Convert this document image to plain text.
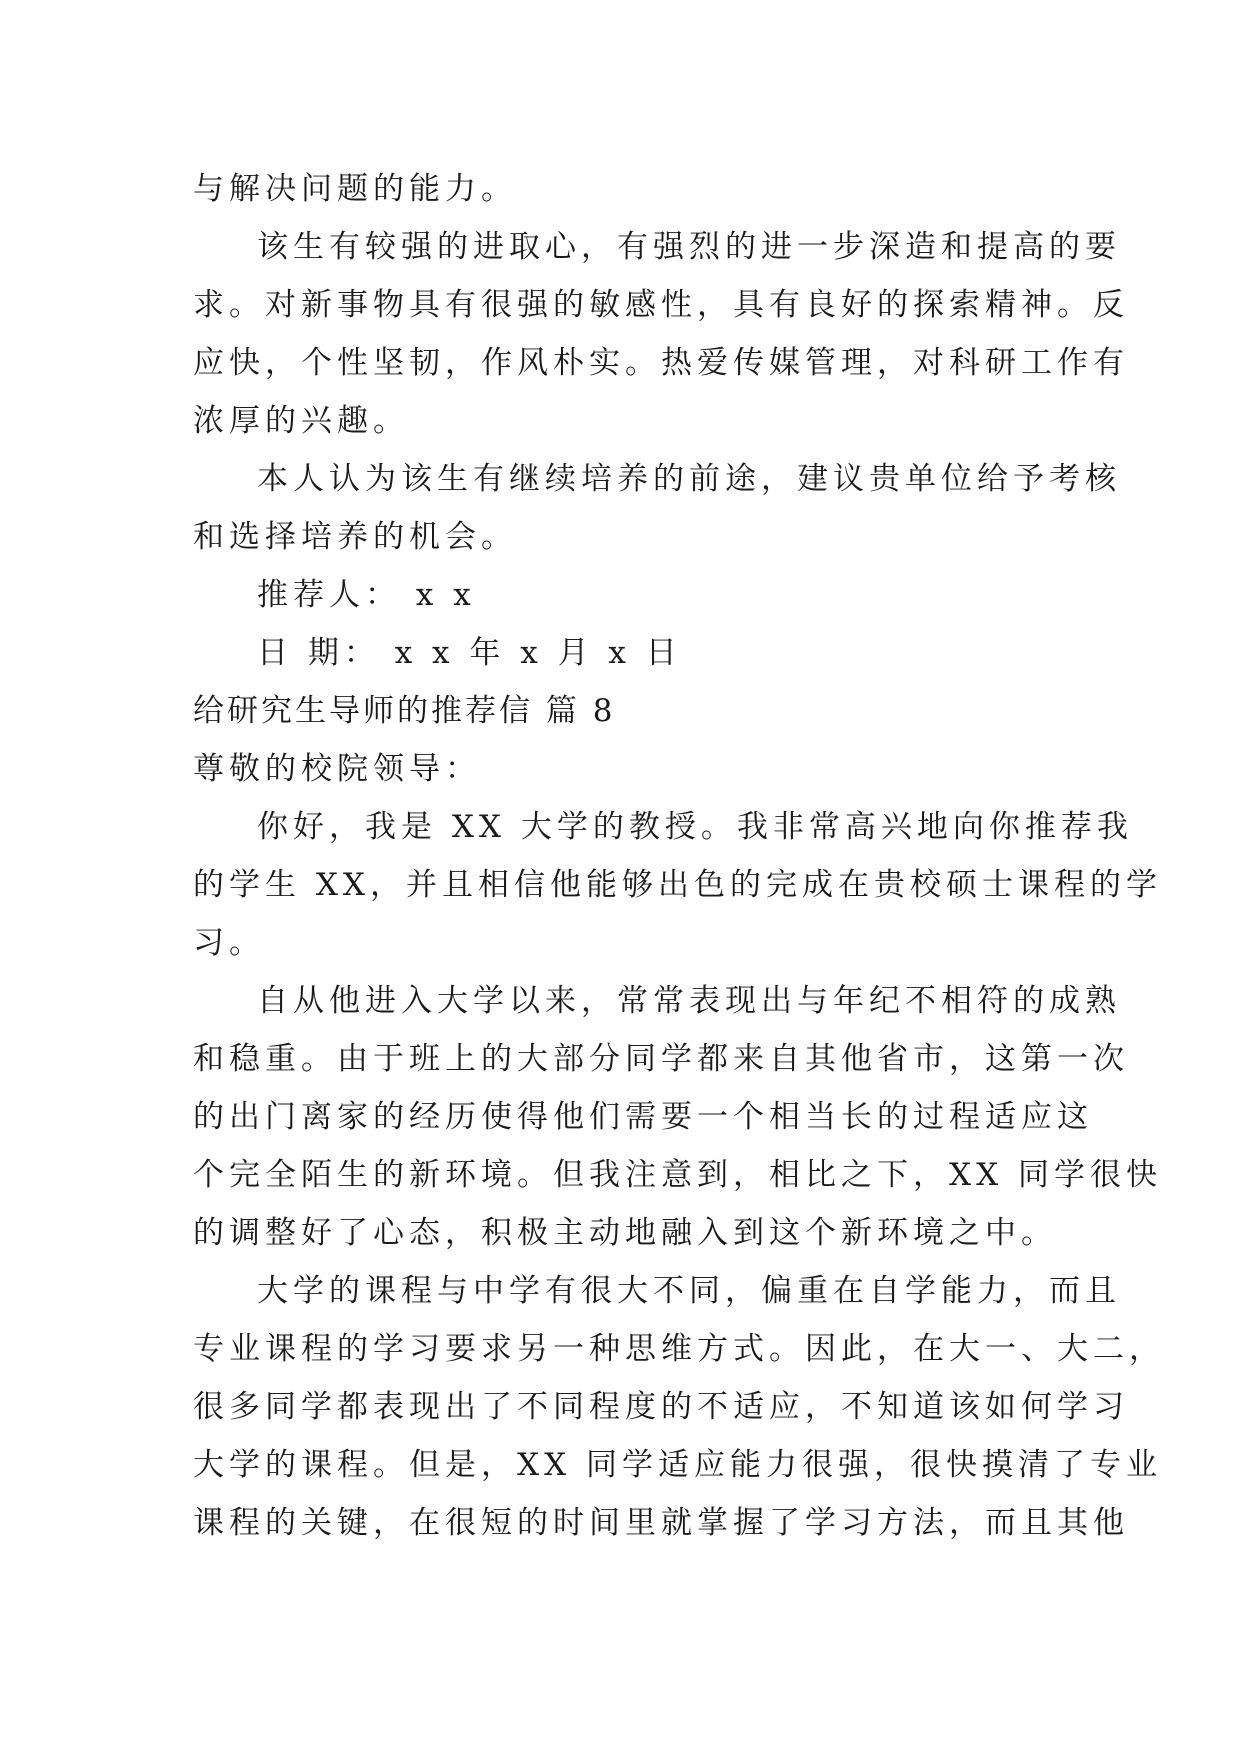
与解决问题的能力。
该生有较强的进取心，有强烈的进一步深造和提高的要
求。对新事物具有很强的敏感性，具有良好的探索精神。反
应快，个性坚韧，作风朴实。热爱传媒管理，对科研工作有
浓厚的兴趣。
本人认为该生有继续培养的前途，建议贵单位给予考核
和选择培养的机会。
推荐人： x x
日 期： x x 年 x 月 x 日
给研究生导师的推荐信 篇 8
尊敬的校院领导：
你好，我是 XX 大学的教授。我非常高兴地向你推荐我
的学生 XX，并且相信他能够出色的完成在贵校硕士课程的学
习。
自从他进入大学以来，常常表现出与年纪不相符的成熟
和稳重。由于班上的大部分同学都来自其他省市，这第一次
的出门离家的经历使得他们需要一个相当长的过程适应这
个完全陌生的新环境。但我注意到，相比之下，XX 同学很快
的调整好了心态，积极主动地融入到这个新环境之中。
大学的课程与中学有很大不同，偏重在自学能力，而且
专业课程的学习要求另一种思维方式。因此，在大一、大二，
很多同学都表现出了不同程度的不适应，不知道该如何学习
大学的课程。但是，XX 同学适应能力很强，很快摸清了专业
课程的关键，在很短的时间里就掌握了学习方法，而且其他
